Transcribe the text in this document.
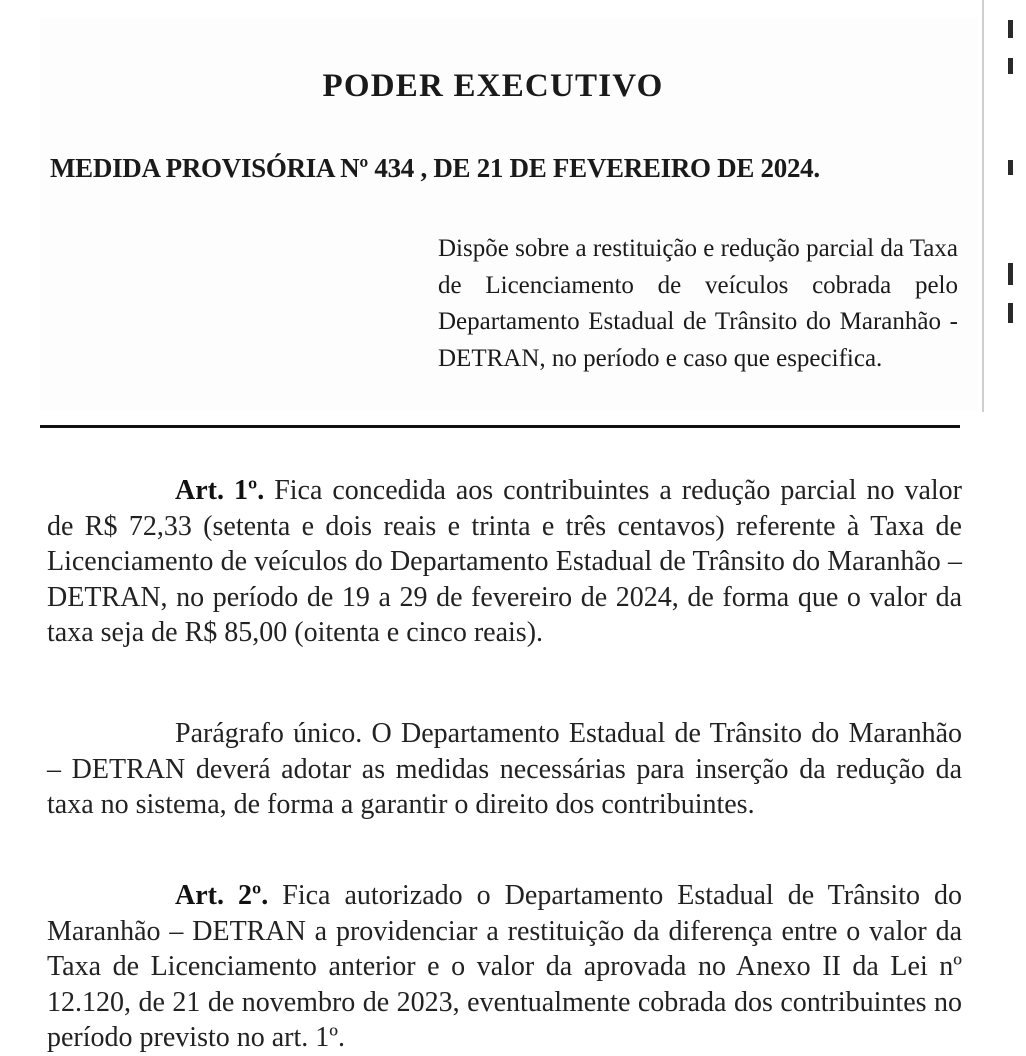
PODER EXECUTIVO
MEDIDA PROVISÓRIA Nº 434 , DE 21 DE FEVEREIRO DE 2024.

Dispõe sobre a restituição e redução parcial da Taxa de Licenciamento de veículos cobrada pelo Departamento Estadual de Trânsito do Maranhão - DETRAN, no período e caso que especifica.

Art. 1º. Fica concedida aos contribuintes a redução parcial no valor de R$ 72,33 (setenta e dois reais e trinta e três centavos) referente à Taxa de Licenciamento de veículos do Departamento Estadual de Trânsito do Maranhão – DETRAN, no período de 19 a 29 de fevereiro de 2024, de forma que o valor da taxa seja de R$ 85,00 (oitenta e cinco reais).

Parágrafo único. O Departamento Estadual de Trânsito do Maranhão – DETRAN deverá adotar as medidas necessárias para inserção da redução da taxa no sistema, de forma a garantir o direito dos contribuintes.

Art. 2º. Fica autorizado o Departamento Estadual de Trânsito do Maranhão – DETRAN a providenciar a restituição da diferença entre o valor da Taxa de Licenciamento anterior e o valor da aprovada no Anexo II da Lei nº 12.120, de 21 de novembro de 2023, eventualmente cobrada dos contribuintes no período previsto no art. 1º.
